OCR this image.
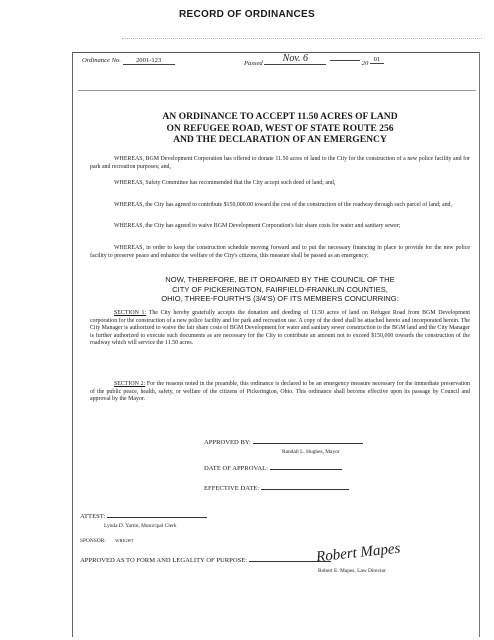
RECORD OF ORDINANCES
Ordinance No. 2001-123	Passed Nov. 6	20 01
AN ORDINANCE TO ACCEPT 11.50 ACRES OF LAND
ON REFUGEE ROAD, WEST OF STATE ROUTE 256
AND THE DECLARATION OF AN EMERGENCY

WHEREAS, BGM Development Corporation has offered to donate 11.50 acres of land to the City for the construction of a new police facility and for park and recreation purposes; and,

WHEREAS, Safety Committee has recommended that the City accept such deed of land; and,

WHEREAS, the City has agreed to contribute $150,000.00 toward the cost of the construction of the roadway through such parcel of land; and,

WHEREAS, the City has agreed to waive BGM Development Corporation's fair share costs for water and sanitary sewer;

WHEREAS, in order to keep the construction schedule moving forward and to put the necessary financing in place to provide for the new police facility to preserve peace and enhance the welfare of the City's citizens, this measure shall be passed as an emergency;

NOW, THEREFORE, BE IT ORDAINED BY THE COUNCIL OF THE
CITY OF PICKERINGTON, FAIRFIELD-FRANKLIN COUNTIES,
OHIO, THREE-FOURTH'S (3/4'S) OF ITS MEMBERS CONCURRING:

SECTION 1: The City hereby gratefully accepts the donation and deeding of 11.50 acres of land on Refugee Road from BGM Development corporation for the construction of a new police facility and for park and recreation use. A copy of the deed shall be attached hereto and incorporated herein. The City Manager is authorized to waive the fair share costs of BGM Development for water and sanitary sewer construction to the BGM land and the City Manager is further authorized to execute such documents as are necessary for the City to contribute an amount not to exceed $150,000 towards the construction of the roadway which will service the 11.50 acres.

SECTION 2: For the reasons noted in the preamble, this ordinance is declared to be an emergency measure necessary for the immediate preservation of the public peace, health, safety, or welfare of the citizens of Pickerington, Ohio. This ordinance shall become effective upon its passage by Council and approval by the Mayor.

APPROVED BY:
Randall L. Hughes, Mayor
DATE OF APPROVAL:
EFFECTIVE DATE:
ATTEST:
Lynda D. Yartin, Municipal Clerk
SPONSOR: WRIGHT
APPROVED AS TO FORM AND LEGALITY OF PURPOSE:	Robert Mapes
Robert E. Mapes, Law Director
